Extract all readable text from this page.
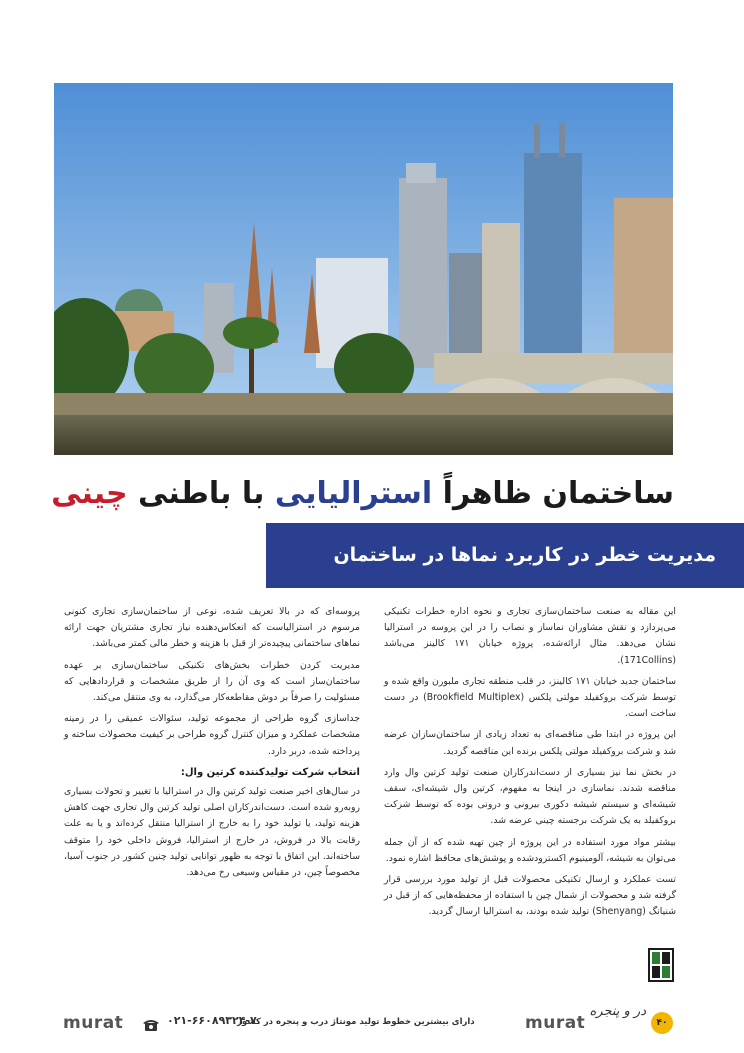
ساختمان ظاهراً استرالیایی با باطنی چینی
مدیریت خطر در کاربرد نماها در ساختمان

این مقاله به صنعت ساختمان‌سازی تجاری و نحوه اداره خطرات تکنیکی می‌پردازد و نقش مشاوران نماساز و نصاب را در این پروسه در استرالیا نشان می‌دهد. مثال ارائه‌شده، پروژه خیابان ۱۷۱ کالینز می‌باشد (171Collins).

ساختمان جدید خیابان ۱۷۱ کالینز، در قلب منطقه تجاری ملبورن واقع شده و توسط شرکت بروکفیلد مولتی پلکس (Brookfield Multiplex) در دست ساخت است.

این پروژه در ابتدا طی مناقصه‌ای به تعداد زیادی از ساختمان‌سازان عرضه شد و شرکت بروکفیلد مولتی پلکس برنده این مناقصه گردید.

در بخش نما نیز بسیاری از دست‌اندرکاران صنعت تولید کرتین وال وارد مناقصه شدند. نماسازی در اینجا به مفهوم، کرتین وال شیشه‌ای، سقف شیشه‌ای و سیستم شیشه دکوری بیرونی و درونی بوده که توسط شرکت بروکفیلد به یک شرکت برجسته چینی عرضه شد.

بیشتر مواد مورد استفاده در این پروژه از چین تهیه شده که از آن جمله می‌توان به شیشه، آلومینیوم اکسترودشده و پوشش‌های محافظ اشاره نمود.

تست عملکرد و ارسال تکنیکی محصولات قبل از تولید مورد بررسی قرار گرفته شد و محصولات از شمال چین با استفاده از محفظه‌هایی که از قبل در شنیانگ (Shenyang) تولید شده بودند، به استرالیا ارسال گردید.

پروسه‌ای که در بالا تعریف شده، نوعی از ساختمان‌سازی تجاری کنونی مرسوم در استرالیاست که انعکاس‌دهنده نیاز تجاری مشتریان جهت ارائه نماهای ساختمانی پیچیده‌تر از قبل با هزینه و خطر مالی کمتر می‌باشد.

مدیریت کردن خطرات بخش‌های تکنیکی ساختمان‌سازی بر عهده ساختمان‌ساز است که وی آن را از طریق مشخصات و قراردادهایی که مسئولیت را صرفاً بر دوش مقاطعه‌کار می‌گذارد، به وی منتقل می‌کند.

جداسازی گروه طراحی از مجموعه تولید، سئوالات عمیقی را در زمینه مشخصات عملکرد و میزان کنترل گروه طراحی بر کیفیت محصولات ساخته و پرداخته شده، دربر دارد.

انتخاب شرکت تولیدکننده کرتین وال:

در سال‌های اخیر صنعت تولید کرتین وال در استرالیا با تغییر و تحولات بسیاری روبه‌رو شده است. دست‌اندرکاران اصلی تولید کرتین وال تجاری جهت کاهش هزینه تولید، یا تولید خود را به خارج از استرالیا منتقل کرده‌اند و یا به علت رقابت بالا در فروش، در خارج از استرالیا، فروش داخلی خود را متوقف ساخته‌اند. این اتفاق با توجه به ظهور توانایی تولید چنین کشور در جنوب آسیا، مخصوصاً چین، در مقیاس وسیعی رخ می‌دهد.

در و پنجره
۴۰
murat
دارای بیشترین خطوط تولید مونتاژ درب و پنجره در کشور
۰۲۱-۶۶۰۸۹۳۲۴-۷
murat
